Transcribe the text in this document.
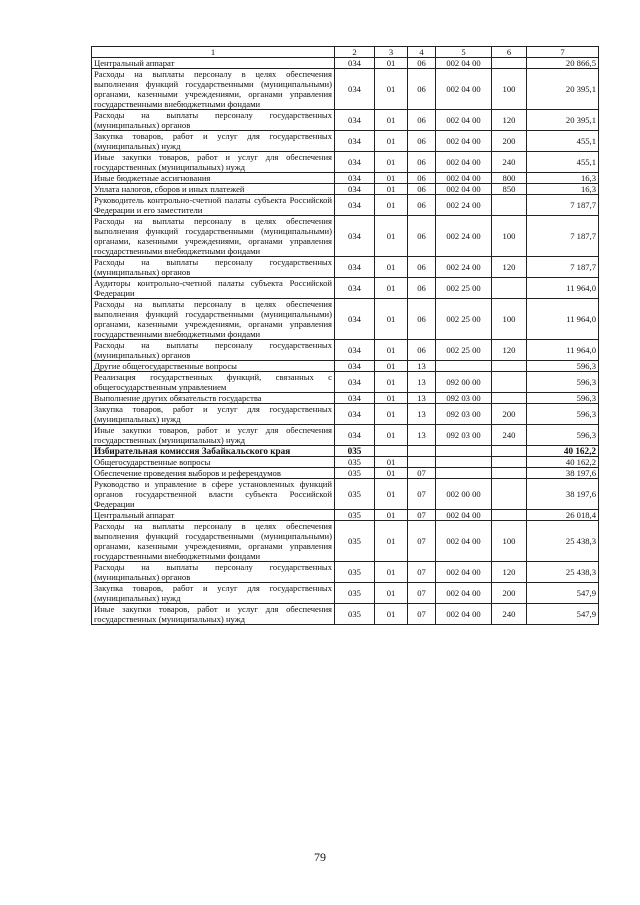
1	2	3	4	5	6	7
Центральный аппарат	034	01	06	002 04 00		20 866,5
Расходы на выплаты персоналу в целях обеспечения выполнения функций государственными (муниципальными) органами, казенными учреждениями, органами управления государственными внебюджетными фондами	034	01	06	002 04 00	100	20 395,1
Расходы на выплаты персоналу государственных (муниципальных) органов	034	01	06	002 04 00	120	20 395,1
Закупка товаров, работ и услуг для государственных (муниципальных) нужд	034	01	06	002 04 00	200	455,1
Иные закупки товаров, работ и услуг для обеспечения государственных (муниципальных) нужд	034	01	06	002 04 00	240	455,1
Иные бюджетные ассигнования	034	01	06	002 04 00	800	16,3
Уплата налогов, сборов и иных платежей	034	01	06	002 04 00	850	16,3
Руководитель контрольно-счетной палаты субъекта Российской Федерации и его заместители	034	01	06	002 24 00		7 187,7
Расходы на выплаты персоналу в целях обеспечения выполнения функций государственными (муниципальными) органами, казенными учреждениями, органами управления государственными внебюджетными фондами	034	01	06	002 24 00	100	7 187,7
Расходы на выплаты персоналу государственных (муниципальных) органов	034	01	06	002 24 00	120	7 187,7
Аудиторы контрольно-счетной палаты субъекта Российской Федерации	034	01	06	002 25 00		11 964,0
Расходы на выплаты персоналу в целях обеспечения выполнения функций государственными (муниципальными) органами, казенными учреждениями, органами управления государственными внебюджетными фондами	034	01	06	002 25 00	100	11 964,0
Расходы на выплаты персоналу государственных (муниципальных) органов	034	01	06	002 25 00	120	11 964,0
Другие общегосударственные вопросы	034	01	13			596,3
Реализация государственных функций, связанных с общегосударственным управлением	034	01	13	092 00 00		596,3
Выполнение других обязательств государства	034	01	13	092 03 00		596,3
Закупка товаров, работ и услуг для государственных (муниципальных) нужд	034	01	13	092 03 00	200	596,3
Иные закупки товаров, работ и услуг для обеспечения государственных (муниципальных) нужд	034	01	13	092 03 00	240	596,3
Избирательная комиссия Забайкальского края	035					40 162,2
Общегосударственные вопросы	035	01				40 162,2
Обеспечение проведения выборов и референдумов	035	01	07			38 197,6
Руководство и управление в сфере установленных функций органов государственной власти субъекта Российской Федерации	035	01	07	002 00 00		38 197,6
Центральный аппарат	035	01	07	002 04 00		26 018,4
Расходы на выплаты персоналу в целях обеспечения выполнения функций государственными (муниципальными) органами, казенными учреждениями, органами управления государственными внебюджетными фондами	035	01	07	002 04 00	100	25 438,3
Расходы на выплаты персоналу государственных (муниципальных) органов	035	01	07	002 04 00	120	25 438,3
Закупка товаров, работ и услуг для государственных (муниципальных) нужд	035	01	07	002 04 00	200	547,9
Иные закупки товаров, работ и услуг для обеспечения государственных (муниципальных) нужд	035	01	07	002 04 00	240	547,9
79
